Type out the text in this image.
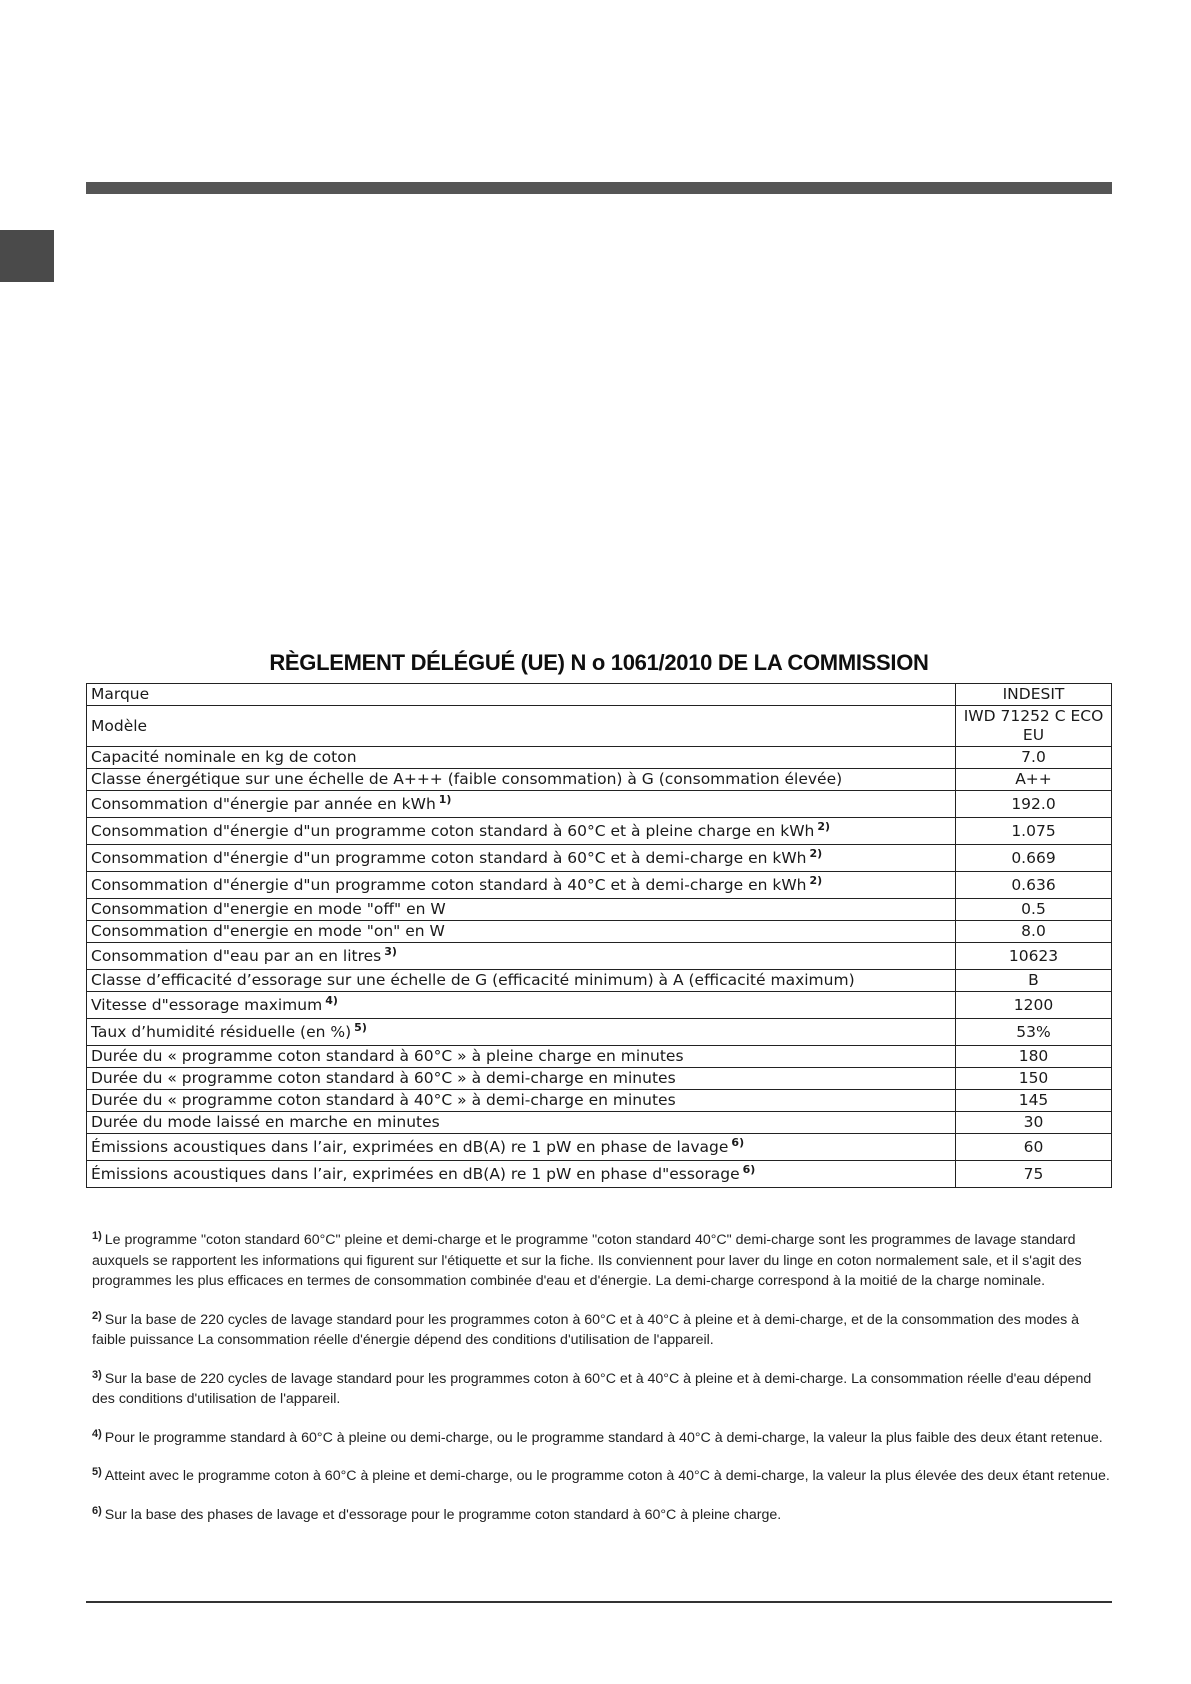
RÈGLEMENT DÉLÉGUÉ (UE) N o 1061/2010 DE LA COMMISSION
Marque	INDESIT
Modèle	IWD 71252 C ECO EU
Capacité nominale en kg de coton	7.0
Classe énergétique sur une échelle de A+++ (faible consommation) à G (consommation élevée)	A++
Consommation d"énergie par année en kWh $^{1)}$	192.0
Consommation d"énergie d"un programme coton standard à 60°C et à pleine charge en kWh $^{2)}$	1.075
Consommation d"énergie d"un programme coton standard à 60°C et à demi-charge en kWh $^{2)}$	0.669
Consommation d"énergie d"un programme coton standard à 40°C et à demi-charge en kWh $^{2)}$	0.636
Consommation d"energie en mode "off" en W	0.5
Consommation d"energie en mode "on" en W	8.0
Consommation d"eau par an en litres $^{3)}$	10623
Classe d’efficacité d’essorage sur une échelle de G (efficacité minimum) à A (efficacité maximum)	B
Vitesse d"essorage maximum $^{4)}$	1200
Taux d’humidité résiduelle (en %) $^{5)}$	53%
Durée du « programme coton standard à 60°C » à pleine charge en minutes	180
Durée du « programme coton standard à 60°C » à demi-charge en minutes	150
Durée du « programme coton standard à 40°C » à demi-charge en minutes	145
Durée du mode laissé en marche en minutes	30
Émissions acoustiques dans l’air, exprimées en dB(A) re 1 pW en phase de lavage $^{6)}$	60
Émissions acoustiques dans l’air, exprimées en dB(A) re 1 pW en phase d"essorage $^{6)}$	75

$^{1)}$ Le programme "coton standard 60°C" pleine et demi-charge et le programme "coton standard 40°C" demi-charge sont les programmes de lavage standard auxquels se rapportent les informations qui figurent sur l'étiquette et sur la fiche. Ils conviennent pour laver du linge en coton normalement sale, et il s'agit des programmes les plus efficaces en termes de consommation combinée d'eau et d'énergie. La demi-charge correspond à la moitié de la charge nominale.

$^{2)}$ Sur la base de 220 cycles de lavage standard pour les programmes coton à 60°C et à 40°C à pleine et à demi-charge, et de la consommation des modes à faible puissance La consommation réelle d'énergie dépend des conditions d'utilisation de l'appareil.

$^{3)}$ Sur la base de 220 cycles de lavage standard pour les programmes coton à 60°C et à 40°C à pleine et à demi-charge. La consommation réelle d'eau dépend des conditions d'utilisation de l'appareil.

$^{4)}$ Pour le programme standard à 60°C à pleine ou demi-charge, ou le programme standard à 40°C à demi-charge, la valeur la plus faible des deux étant retenue.

$^{5)}$ Atteint avec le programme coton à 60°C à pleine et demi-charge, ou le programme coton à 40°C à demi-charge, la valeur la plus élevée des deux étant retenue.

$^{6)}$ Sur la base des phases de lavage et d'essorage pour le programme coton standard à 60°C à pleine charge.
